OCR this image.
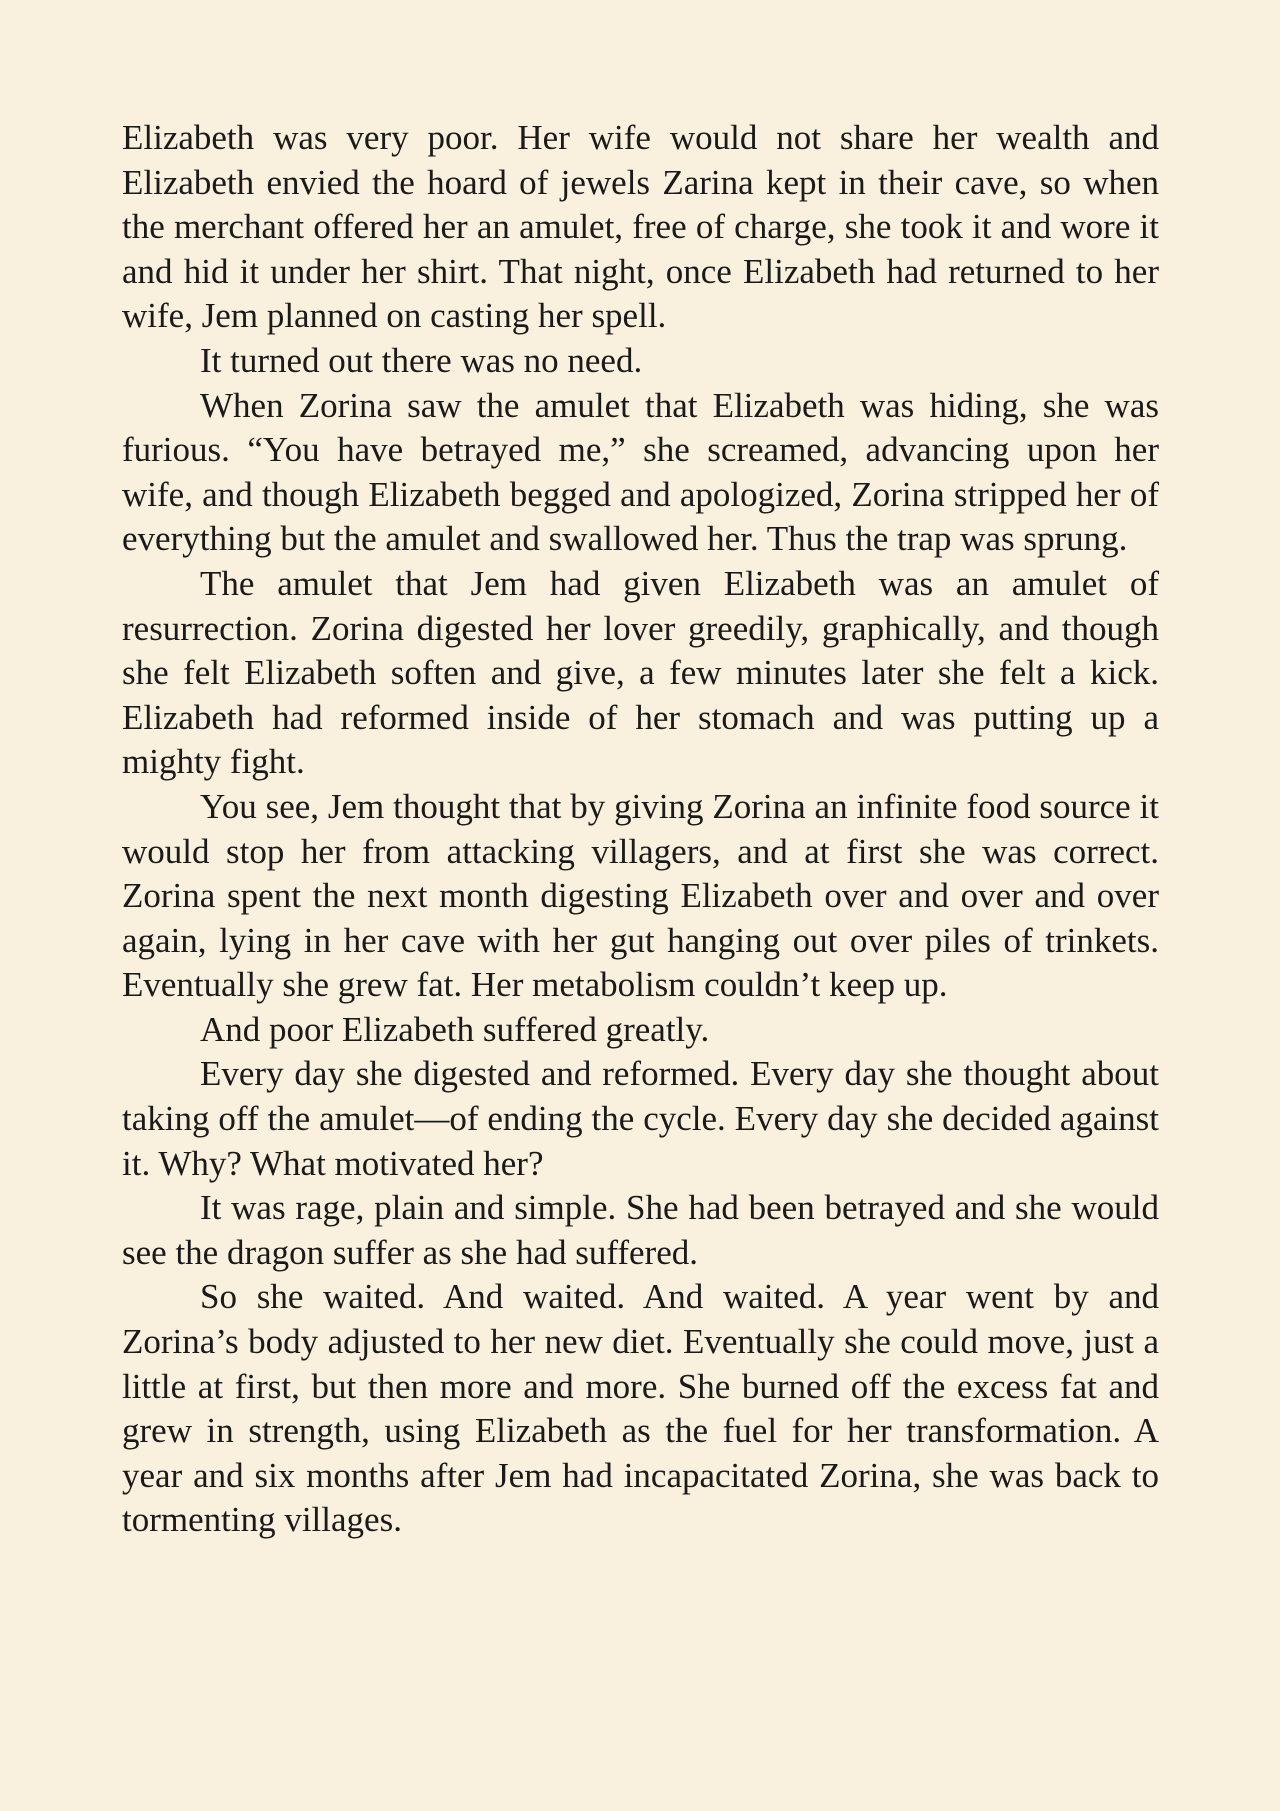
Elizabeth was very poor. Her wife would not share her wealth and Elizabeth envied the hoard of jewels Zarina kept in their cave, so when the merchant offered her an amulet, free of charge, she took it and wore it and hid it under her shirt. That night, once Elizabeth had returned to her wife, Jem planned on casting her spell.

It turned out there was no need.

When Zorina saw the amulet that Elizabeth was hiding, she was furious. “You have betrayed me,” she screamed, advancing upon her wife, and though Elizabeth begged and apologized, Zorina stripped her of everything but the amulet and swallowed her. Thus the trap was sprung.

The amulet that Jem had given Elizabeth was an amulet of resurrection. Zorina digested her lover greedily, graphically, and though she felt Elizabeth soften and give, a few minutes later she felt a kick. Elizabeth had reformed inside of her stomach and was putting up a mighty fight.

You see, Jem thought that by giving Zorina an infinite food source it would stop her from attacking villagers, and at first she was correct. Zorina spent the next month digesting Elizabeth over and over and over again, lying in her cave with her gut hanging out over piles of trinkets. Eventually she grew fat. Her metabolism couldn’t keep up.

And poor Elizabeth suffered greatly.

Every day she digested and reformed. Every day she thought about taking off the amulet—of ending the cycle. Every day she decided against it. Why? What motivated her?

It was rage, plain and simple. She had been betrayed and she would see the dragon suffer as she had suffered.

So she waited. And waited. And waited. A year went by and Zorina’s body adjusted to her new diet. Eventually she could move, just a little at first, but then more and more. She burned off the excess fat and grew in strength, using Elizabeth as the fuel for her transformation. A year and six months after Jem had incapacitated Zorina, she was back to tormenting villages.
